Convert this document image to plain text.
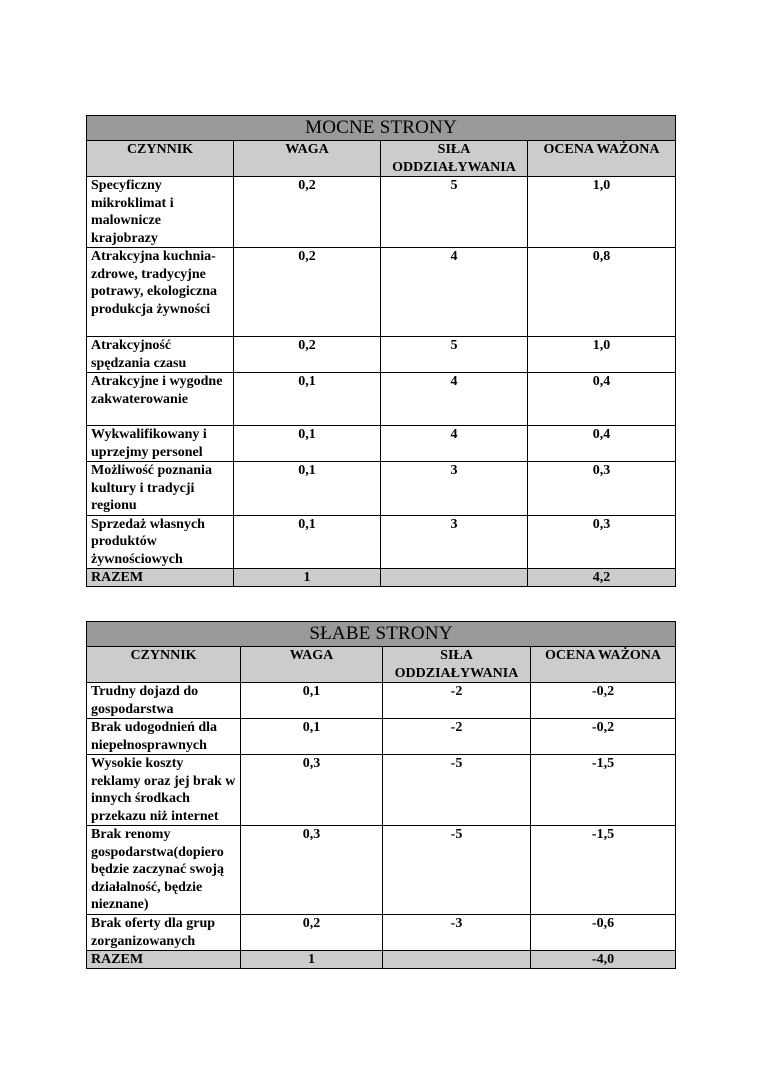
MOCNE STRONY			
CZYNNIK	WAGA	SIŁA ODDZIAŁYWANIA	OCENA WAŻONA
Specyficzny mikroklimat i malownicze krajobrazy	0,2	5	1,0
Atrakcyjna kuchnia-zdrowe, tradycyjne potrawy, ekologiczna produkcja żywności	0,2	4	0,8
Atrakcyjność spędzania czasu	0,2	5	1,0
Atrakcyjne i wygodne zakwaterowanie	0,1	4	0,4
Wykwalifikowany i uprzejmy personel	0,1	4	0,4
Możliwość poznania kultury i tradycji regionu	0,1	3	0,3
Sprzedaż własnych produktów żywnościowych	0,1	3	0,3
RAZEM	1		4,2
SŁABE STRONY			
CZYNNIK	WAGA	SIŁA ODDZIAŁYWANIA	OCENA WAŻONA
Trudny dojazd do gospodarstwa	0,1	-2	-0,2
Brak udogodnień dla niepełnosprawnych	0,1	-2	-0,2
Wysokie koszty reklamy oraz jej brak w innych środkach przekazu niż internet	0,3	-5	-1,5
Brak renomy gospodarstwa(dopiero będzie zaczynać swoją działalność, będzie nieznane)	0,3	-5	-1,5
Brak oferty dla grup zorganizowanych	0,2	-3	-0,6
RAZEM	1		-4,0
